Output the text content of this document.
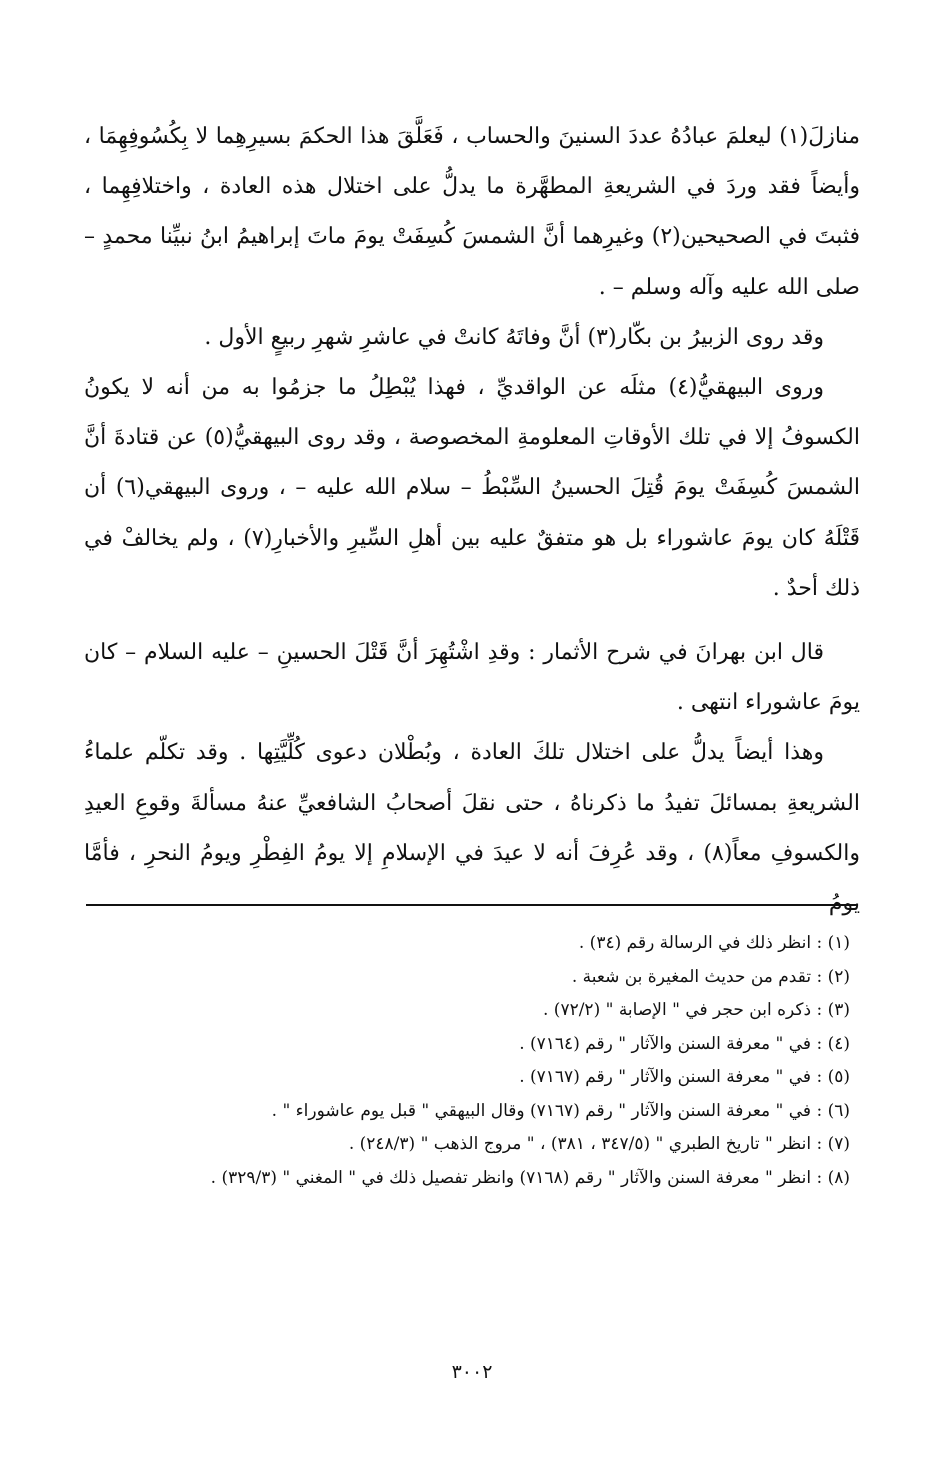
منازلَ(١) ليعلمَ عبادُهُ عددَ السنينَ والحساب ، فَعَلَّقَ هذا الحكمَ بسيرِهِما لا بِكُسُوفِهِمَا ، وأيضاً فقد وردَ في الشريعةِ المطهَّرة ما يدلُّ على اختلال هذه العادة ، واختلافِهِما ، فثبتَ في الصحيحين(٢) وغيرِهما أنَّ الشمسَ كُسِفَتْ يومَ ماتَ إبراهيمُ ابنُ نبيِّنا محمدٍ – صلى الله عليه وآله وسلم – .

وقد روى الزبيرُ بن بكّار(٣) أنَّ وفاتَهُ كانتْ في عاشرِ شهرِ ربيعٍ الأول .

وروى البيهقيُّ(٤) مثلَه عن الواقديِّ ، فهذا يُبْطِلُ ما جزمُوا به من أنه لا يكونُ الكسوفُ إلا في تلك الأوقاتِ المعلومةِ المخصوصة ، وقد روى البيهقيُّ(٥) عن قتادةَ أنَّ الشمسَ كُسِفَتْ يومَ قُتِلَ الحسينُ السِّبْطُ – سلام الله عليه – ، وروى البيهقي(٦) أن قَتْلَهُ كان يومَ عاشوراء بل هو متفقٌ عليه بين أهلِ السِّيرِ والأخبارِ(٧) ، ولم يخالفْ في ذلك أحدٌ .

قال ابن بهرانَ في شرح الأثمار : وقدِ اشْتُهِرَ أنَّ قَتْلَ الحسينِ – عليه السلام – كان يومَ عاشوراء انتهى .

وهذا أيضاً يدلُّ على اختلال تلكَ العادة ، وبُطْلان دعوى كُلِّيَّتِها . وقد تكلّم علماءُ الشريعةِ بمسائلَ تفيدُ ما ذكرناهُ ، حتى نقلَ أصحابُ الشافعيِّ عنهُ مسألةَ وقوعِ العيدِ والكسوفِ معاً(٨) ، وقد عُرِفَ أنه لا عيدَ في الإسلامِ إلا يومُ الفِطْرِ ويومُ النحرِ ، فأمَّا يومُ

(١) : انظر ذلك في الرسالة رقم (٣٤) .

(٢) : تقدم من حديث المغيرة بن شعبة .

(٣) : ذكره ابن حجر في " الإصابة " (٧٢/٢) .

(٤) : في " معرفة السنن والآثار " رقم (٧١٦٤) .

(٥) : في " معرفة السنن والآثار " رقم (٧١٦٧) .

(٦) : في " معرفة السنن والآثار " رقم (٧١٦٧) وقال البيهقي " قبل يوم عاشوراء " .

(٧) : انظر " تاريخ الطبري " (٣٤٧/٥ ، ٣٨١) ، " مروج الذهب " (٢٤٨/٣) .

(٨) : انظر " معرفة السنن والآثار " رقم (٧١٦٨) وانظر تفصيل ذلك في " المغني " (٣٢٩/٣) .

٣٠٠٢
